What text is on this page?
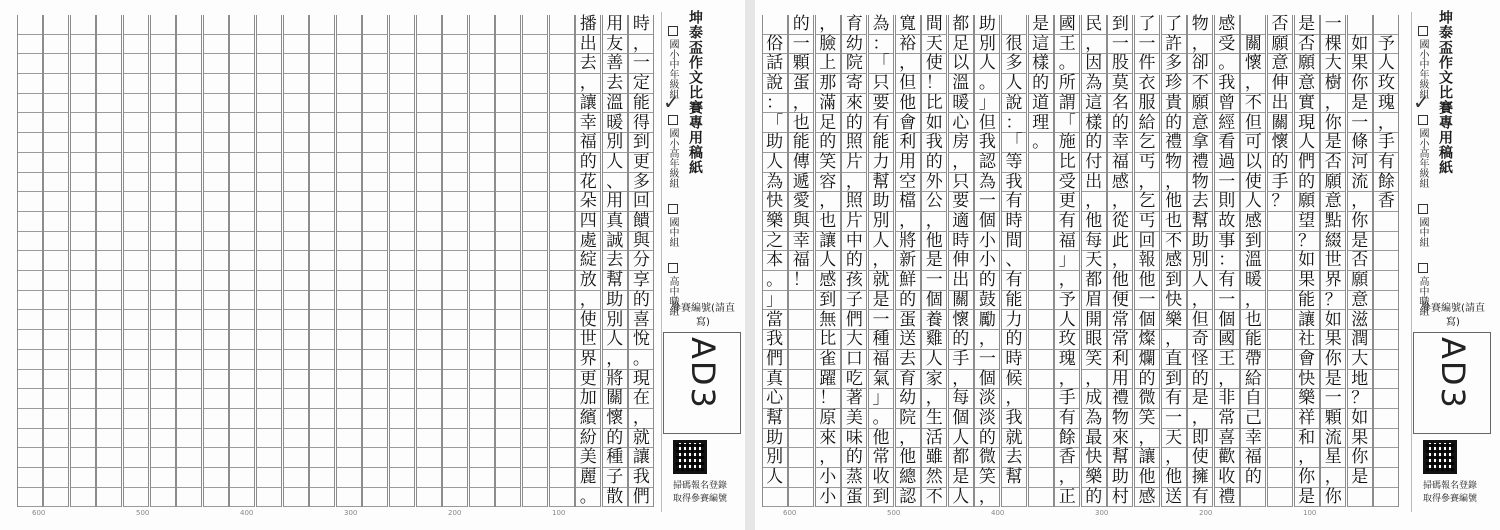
時
，
一
定
能
得
到
更
多
回
饋
與
分
享
的
喜
悅
。
現
在
，
就
讓
我
們
用
友
善
去
溫
暖
別
人
、
用
真
誠
去
幫
助
別
人
，
將
關
懷
的
種
子
散
播
出
去
，
讓
幸
福
的
花
朵
四
處
綻
放
，
使
世
界
更
加
繽
紛
美
麗
。
坤泰盃作文比賽專用稿紙
國小中年級組
國小高年級組
國中組
高中職組
✓
參賽編號(請直寫)
AD3
掃碼報名登錄
取得參賽編號
600	500	400	300	200	100
予
人
玫
瑰
，
手
有
餘
香
如
果
你
是
一
條
河
流
，
你
是
否
願
意
滋
潤
大
地
？
如
果
你
是
一
棵
大
樹
，
你
是
否
願
意
點
綴
世
界
？
如
果
你
是
一
顆
流
星
，
你
是
否
願
意
實
現
人
們
的
願
望
？
如
果
能
讓
社
會
快
樂
祥
和
，
你
是
否
願
意
伸
出
關
懷
的
手
？
關
懷
，
不
但
可
以
使
人
感
到
溫
暖
，
也
能
帶
給
自
己
幸
福
的
感
受
。
我
曾
經
看
過
一
則
故
事
：
有
一
個
國
王
，
非
常
喜
歡
收
禮
物
，
卻
不
願
意
拿
禮
物
去
幫
助
別
人
，
但
奇
怪
的
是
，
即
使
擁
有
了
許
多
珍
貴
的
禮
物
，
他
也
不
感
到
快
樂
，
直
到
有
一
天
，
他
送
了
一
件
衣
服
給
乞
丐
，
乞
丐
回
報
他
一
個
燦
爛
的
微
笑
，
讓
他
感
到
一
股
莫
名
的
幸
福
感
，
從
此
，
他
便
常
常
利
用
禮
物
來
幫
助
村
民
，
因
為
這
樣
的
付
出
，
他
每
天
都
眉
開
眼
笑
，
成
為
最
快
樂
的
國
王
。
所
謂
「
施
比
受
更
有
福
」
，
予
人
玫
瑰
，
手
有
餘
香
，
正
是
這
樣
的
道
理
。
很
多
人
說
：
「
等
我
有
時
間
、
有
能
力
的
時
候
，
我
就
去
幫
助
別
人
。
」
但
我
認
為
一
個
小
小
的
鼓
勵
，
一
個
淡
淡
的
微
笑
，
都
足
以
溫
暖
心
房
，
只
要
適
時
伸
出
關
懷
的
手
，
每
個
人
都
是
人
間
天
使
！
比
如
我
的
外
公
，
他
是
一
個
養
雞
人
家
，
生
活
雖
然
不
寬
裕
，
但
他
會
利
用
空
檔
，
將
新
鮮
的
蛋
送
去
育
幼
院
，
他
總
認
為
：
「
只
要
有
能
力
幫
助
別
人
，
就
是
一
種
福
氣
」
。
他
常
收
到
育
幼
院
寄
來
的
照
片
，
照
片
中
的
孩
子
們
大
口
吃
著
美
味
的
蒸
蛋
，
臉
上
那
滿
足
的
笑
容
，
也
讓
人
感
到
無
比
雀
躍
！
原
來
，
小
小
的
一
顆
蛋
，
也
能
傳
遞
愛
與
幸
福
！
俗
話
說
：
「
助
人
為
快
樂
之
本
。
」
當
我
們
真
心
幫
助
別
人
坤泰盃作文比賽專用稿紙
國小中年級組
國小高年級組
國中組
高中職組
✓
參賽編號(請直寫)
AD3
掃碼報名登錄
取得參賽編號
600	500	400	300	200	100
